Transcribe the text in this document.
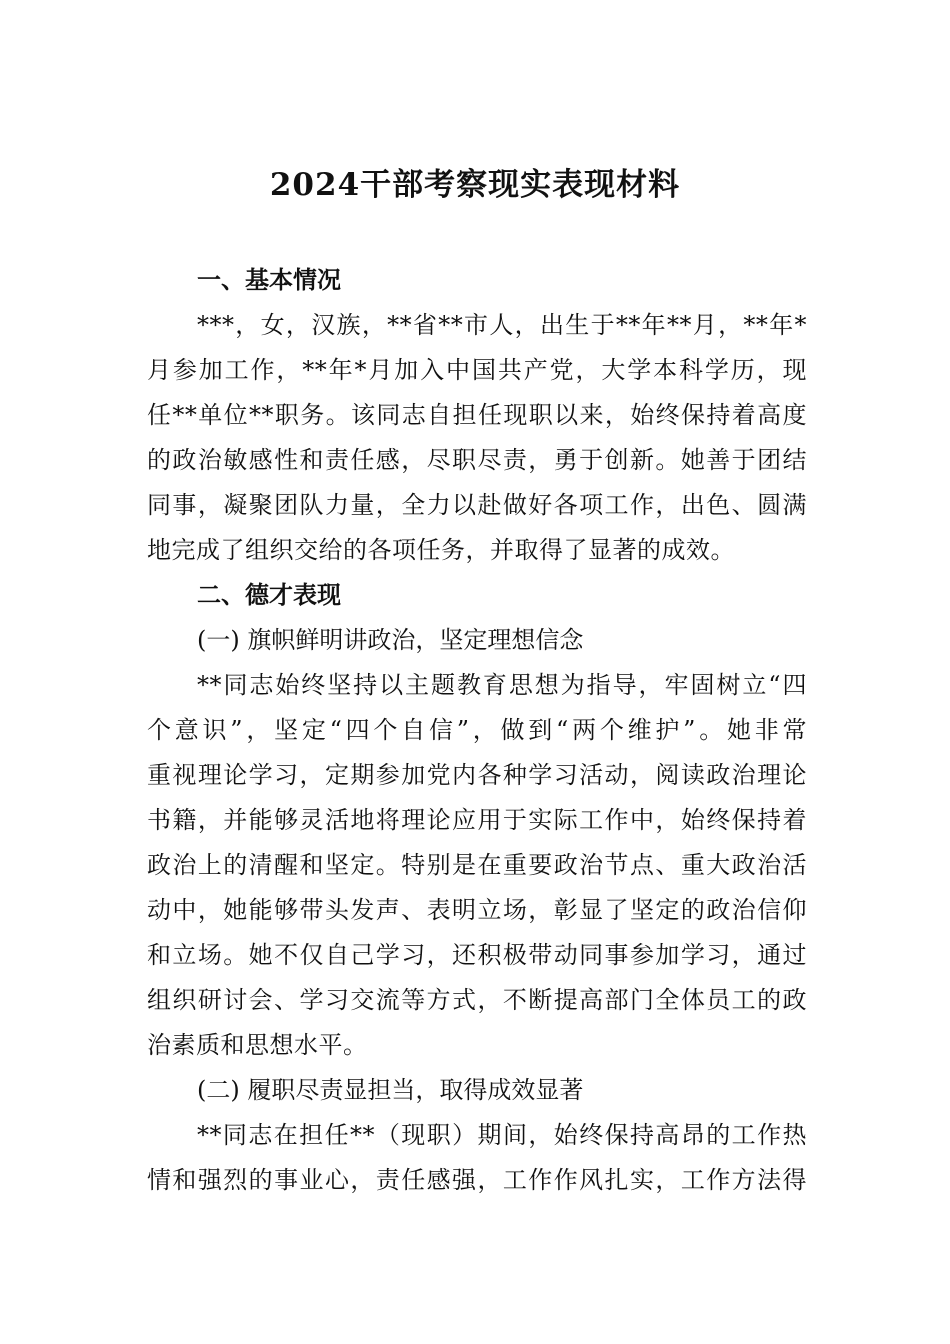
2024干部考察现实表现材料
一、基本情况
***，女，汉族，**省**市人，出生于**年**月，**年*
月参加工作，**年*月加入中国共产党，大学本科学历，现
任**单位**职务。该同志自担任现职以来，始终保持着高度
的政治敏感性和责任感，尽职尽责，勇于创新。她善于团结
同事，凝聚团队力量，全力以赴做好各项工作，出色、圆满
地完成了组织交给的各项任务，并取得了显著的成效。
二、德才表现
(一) 旗帜鲜明讲政治，坚定理想信念
**同志始终坚持以主题教育思想为指导，牢固树立“四
个意识”，坚定“四个自信”，做到“两个维护”。她非常
重视理论学习，定期参加党内各种学习活动，阅读政治理论
书籍，并能够灵活地将理论应用于实际工作中，始终保持着
政治上的清醒和坚定。特别是在重要政治节点、重大政治活
动中，她能够带头发声、表明立场，彰显了坚定的政治信仰
和立场。她不仅自己学习，还积极带动同事参加学习，通过
组织研讨会、学习交流等方式，不断提高部门全体员工的政
治素质和思想水平。
(二) 履职尽责显担当，取得成效显著
**同志在担任**（现职）期间，始终保持高昂的工作热
情和强烈的事业心，责任感强，工作作风扎实，工作方法得
